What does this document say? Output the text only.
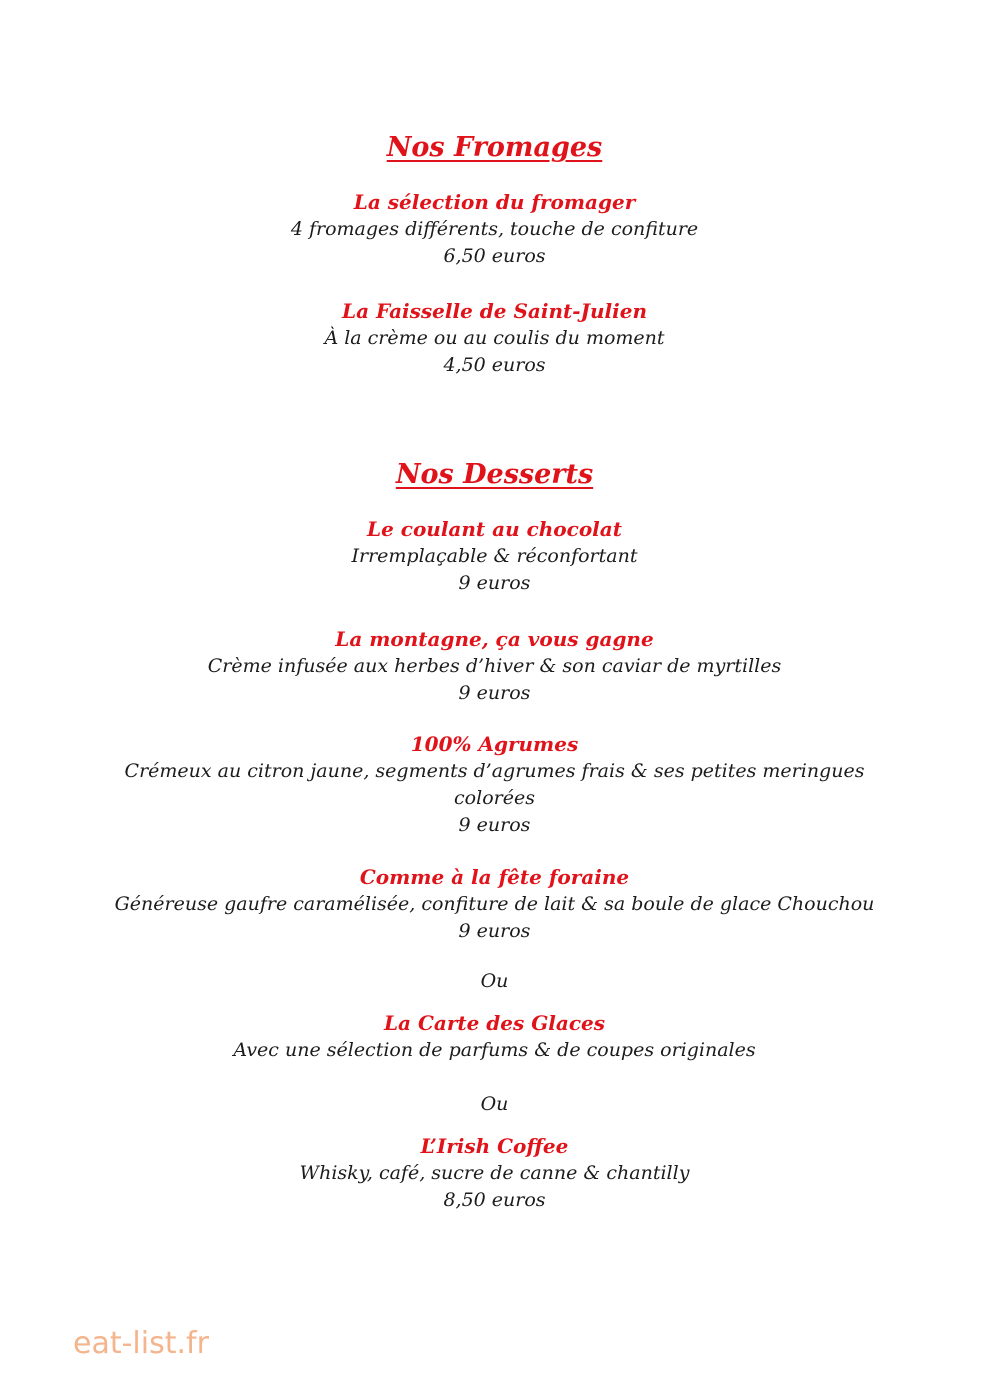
Nos Fromages
La sélection du fromager
4 fromages différents, touche de confiture
6,50 euros
La Faisselle de Saint-Julien
À la crème ou au coulis du moment
4,50 euros
Nos Desserts
Le coulant au chocolat
Irremplaçable & réconfortant
9 euros
La montagne, ça vous gagne
Crème infusée aux herbes d’hiver & son caviar de myrtilles
9 euros
100% Agrumes
Crémeux au citron jaune, segments d’agrumes frais & ses petites meringues
colorées
9 euros
Comme à la fête foraine
Généreuse gaufre caramélisée, confiture de lait & sa boule de glace Chouchou
9 euros
Ou
La Carte des Glaces
Avec une sélection de parfums & de coupes originales
Ou
L’Irish Coffee
Whisky, café, sucre de canne & chantilly
8,50 euros
eat-list.fr
